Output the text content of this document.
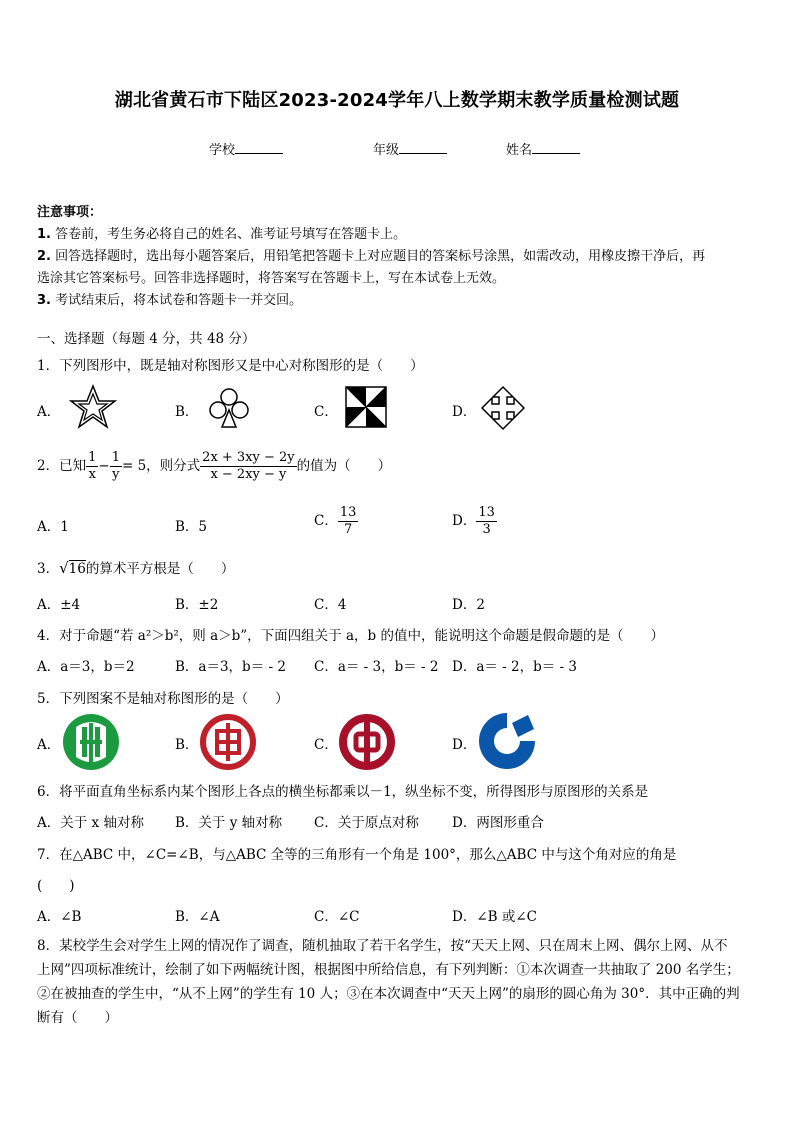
湖北省黄石市下陆区2023-2024学年八上数学期末教学质量检测试题
学校	年级	姓名
注意事项：
1. 答卷前，考生务必将自己的姓名、准考证号填写在答题卡上。
2. 回答选择题时，选出每小题答案后，用铅笔把答题卡上对应题目的答案标号涂黑，如需改动，用橡皮擦干净后，再
选涂其它答案标号。回答非选择题时，将答案写在答题卡上，写在本试卷上无效。
3. 考试结束后，将本试卷和答题卡一并交回。
一、选择题（每题 4 分，共 48 分）
1．下列图形中，既是轴对称图形又是中心对称图形的是（　　）
A．	B．	C．	D．
2．已知 $\frac{1}{x} - \frac{1}{y} = 5$，则分式 $\frac{2x + 3xy - 2y}{x - 2xy - y}$ 的值为（　　）
A．1	B．5	C． $\frac{13}{7}$	D． $\frac{13}{3}$
3．√16的算术平方根是（　　）
A．±4	B．±2	C．4	D．2
4．对于命题“若 a²＞b²，则 a＞b”，下面四组关于 a，b 的值中，能说明这个命题是假命题的是（　　）
A．a＝3，b＝2	B．a＝3，b＝ - 2 C．a＝ - 3，b＝ - 2 D．a＝ - 2，b＝ - 3
5．下列图案不是轴对称图形的是（　　）
A．	B．	C．	D．
6．将平面直角坐标系内某个图形上各点的横坐标都乘以－1，纵坐标不变，所得图形与原图形的关系是
A．关于 x 轴对称 B．关于 y 轴对称 C．关于原点对称 D．两图形重合
7．在△ABC 中，∠C=∠B，与△ABC 全等的三角形有一个角是 100°，那么△ABC 中与这个角对应的角是
(　　)
A．∠B	B．∠A	C．∠C	D．∠B 或∠C
8．某校学生会对学生上网的情况作了调查，随机抽取了若干名学生，按“天天上网、只在周末上网、偶尔上网、从不
上网”四项标准统计，绘制了如下两幅统计图，根据图中所给信息，有下列判断：①本次调查一共抽取了 200 名学生；
②在被抽查的学生中，“从不上网”的学生有 10 人；③在本次调查中“天天上网”的扇形的圆心角为 30°．其中正确的判
断有（　　）
